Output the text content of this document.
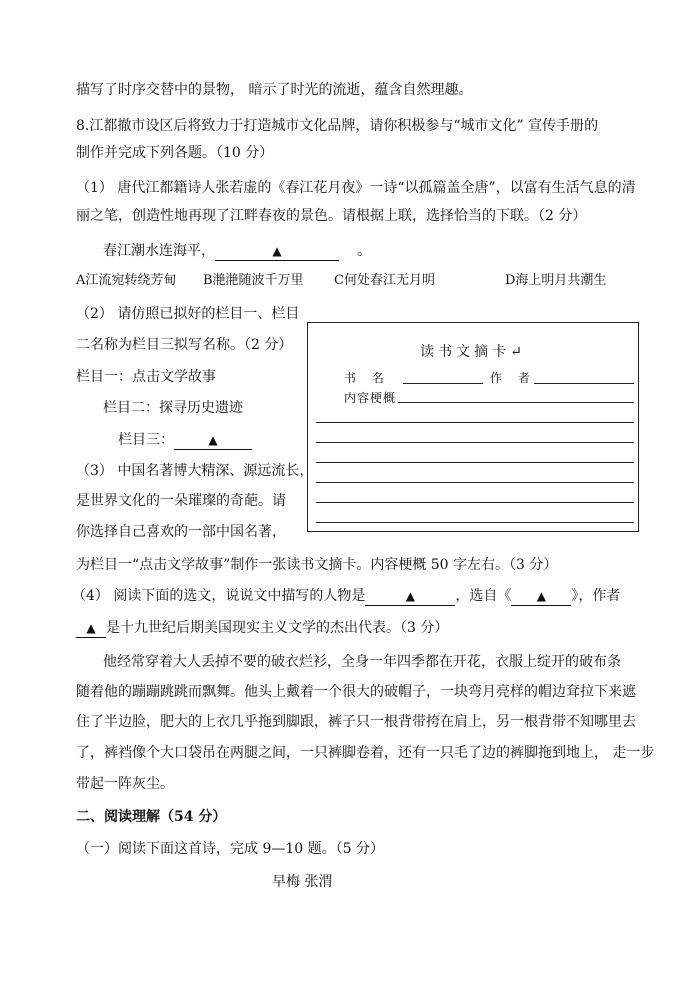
描写了时序交替中的景物， 暗示了时光的流逝，蕴含自然理趣。
8.江都撤市设区后将致力于打造城市文化品牌，请你积极参与“城市文化” 宣传手册的
制作并完成下列各题。（10 分）
（1） 唐代江都籍诗人张若虚的《春江花月夜》一诗“以孤篇盖全唐”，以富有生活气息的清
丽之笔，创造性地再现了江畔春夜的景色。请根据上联，选择恰当的下联。（2 分）
春江潮水连海平，	▲	。
A江流宛转绕芳甸 B滟滟随波千万里 C何处春江无月明	D海上明月共潮生
（2） 请仿照已拟好的栏目一、栏目
二名称为栏目三拟写名称。（2 分）
栏目一：点击文学故事
栏目二：探寻历史遗迹
栏目三：	▲
（3） 中国名著博大精深、源远流长，
是世界文化的一朵璀璨的奇葩。请
你选择自己喜欢的一部中国名著，
为栏目一“点击文学故事”制作一张读书文摘卡。内容梗概 50 字左右。（3 分）
读书文摘卡↵
书 名	作 者
内容梗概
（4） 阅读下面的选文，说说文中描写的人物是	▲	，选自《 ▲ 》，作者
▲ 是十九世纪后期美国现实主义文学的杰出代表。（3 分）
他经常穿着大人丢掉不要的破衣烂衫，全身一年四季都在开花，衣服上绽开的破布条
随着他的蹦蹦跳跳而飘舞。他头上戴着一个很大的破帽子，一块弯月亮样的帽边耷拉下来遮
住了半边脸，肥大的上衣几乎拖到脚跟，裤子只一根背带挎在肩上，另一根背带不知哪里去
了，裤裆像个大口袋吊在两腿之间，一只裤脚卷着，还有一只毛了边的裤脚拖到地上， 走一步
带起一阵灰尘。
二、阅读理解（54 分）
（一）阅读下面这首诗，完成 9—10 题。（5 分）
早梅 张渭
